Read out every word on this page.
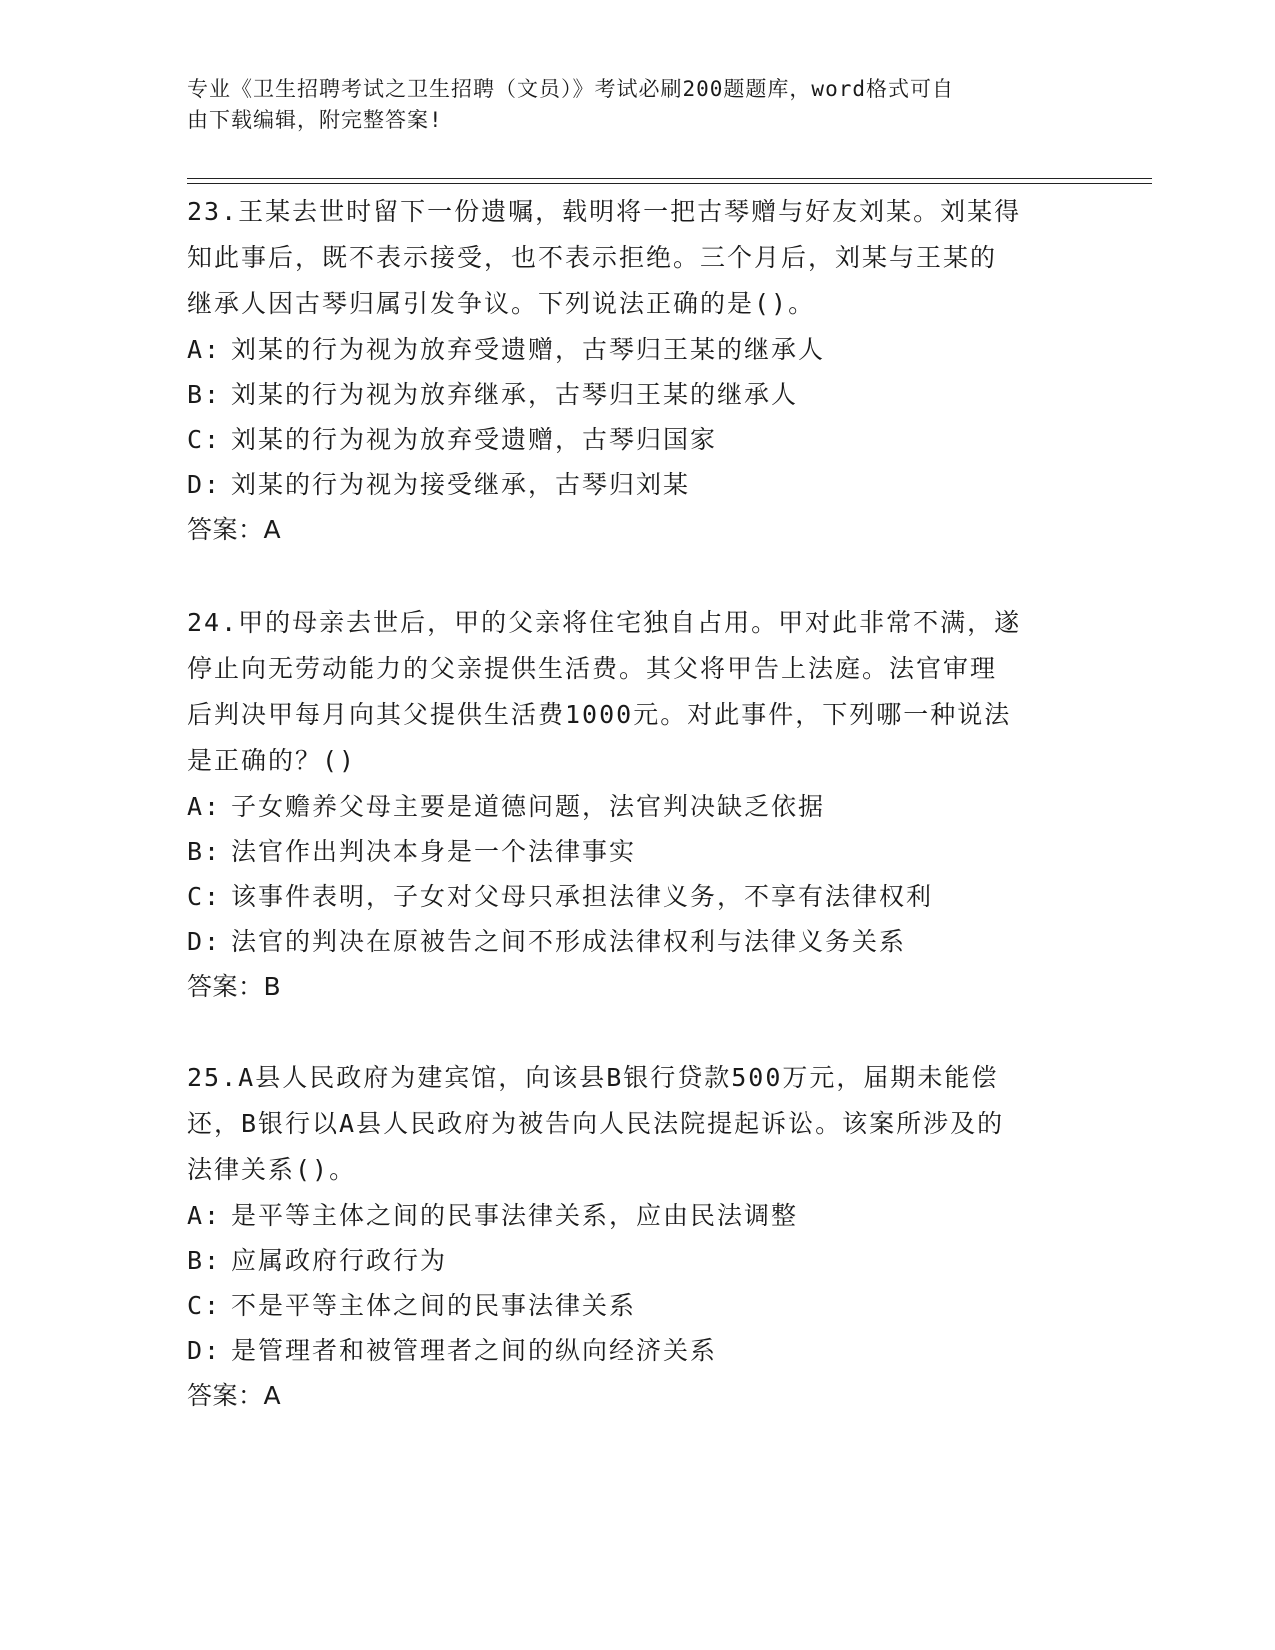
专业《卫生招聘考试之卫生招聘（文员）》考试必刷200题题库，word格式可自
由下载编辑，附完整答案!
23.王某去世时留下一份遗嘱，载明将一把古琴赠与好友刘某。刘某得
知此事后，既不表示接受，也不表示拒绝。三个月后，刘某与王某的
继承人因古琴归属引发争议。下列说法正确的是()。
A: 刘某的行为视为放弃受遗赠，古琴归王某的继承人
B: 刘某的行为视为放弃继承，古琴归王某的继承人
C: 刘某的行为视为放弃受遗赠，古琴归国家
D: 刘某的行为视为接受继承，古琴归刘某
答案：A
24.甲的母亲去世后，甲的父亲将住宅独自占用。甲对此非常不满，遂
停止向无劳动能力的父亲提供生活费。其父将甲告上法庭。法官审理
后判决甲每月向其父提供生活费1000元。对此事件，下列哪一种说法
是正确的？()
A: 子女赡养父母主要是道德问题，法官判决缺乏依据
B: 法官作出判决本身是一个法律事实
C: 该事件表明，子女对父母只承担法律义务，不享有法律权利
D: 法官的判决在原被告之间不形成法律权利与法律义务关系
答案：B
25.A县人民政府为建宾馆，向该县B银行贷款500万元，届期未能偿
还，B银行以A县人民政府为被告向人民法院提起诉讼。该案所涉及的
法律关系()。
A: 是平等主体之间的民事法律关系，应由民法调整
B: 应属政府行政行为
C: 不是平等主体之间的民事法律关系
D: 是管理者和被管理者之间的纵向经济关系
答案：A
